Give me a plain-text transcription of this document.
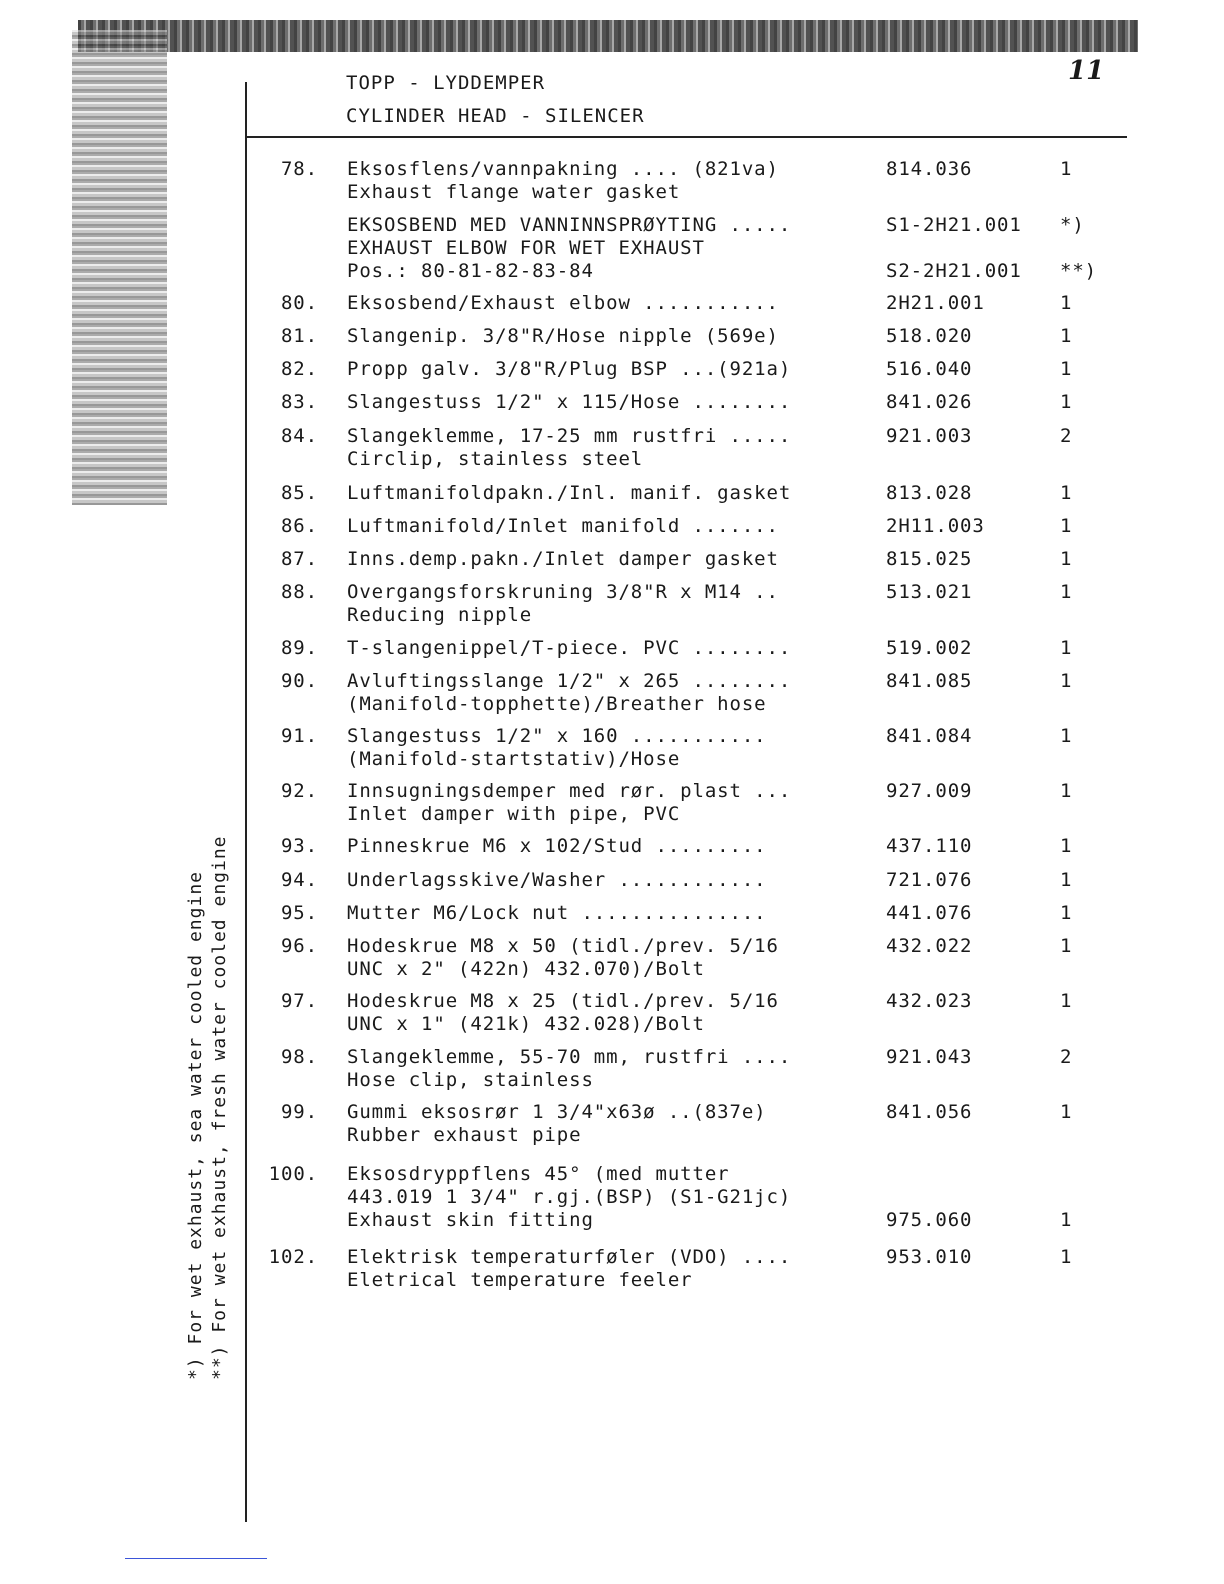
11
TOPP - LYDDEMPER
CYLINDER HEAD - SILENCER
*) For wet exhaust, sea water cooled engine **) For wet exhaust, fresh water cooled engine
78.	814.036	1
Eksosflens/vannpakning .... (821va)
Exhaust flange water gasket
S1-2H21.001 *)
S2-2H21.001 **)
EKSOSBEND MED VANNINNSPRØYTING .....
EXHAUST ELBOW FOR WET EXHAUST
Pos.: 80-81-82-83-84
80.	2H21.001	1
Eksosbend/Exhaust elbow ...........
81.	518.020	1
Slangenip. 3/8"R/Hose nipple (569e)
82.	516.040	1
Propp galv. 3/8"R/Plug BSP ...(921a)
83.	841.026	1
Slangestuss 1/2" x 115/Hose ........
84.	921.003	2
Slangeklemme, 17-25 mm rustfri .....
Circlip, stainless steel
85.	813.028	1
Luftmanifoldpakn./Inl. manif. gasket
86.	2H11.003	1
Luftmanifold/Inlet manifold .......
87.	815.025	1
Inns.demp.pakn./Inlet damper gasket
88.	513.021	1
Overgangsforskruning 3/8"R x M14 ..
Reducing nipple
89.	519.002	1
T-slangenippel/T-piece. PVC ........
90.	841.085	1
Avluftingsslange 1/2" x 265 ........
(Manifold-topphette)/Breather hose
91.	841.084	1
Slangestuss 1/2" x 160 ...........
(Manifold-startstativ)/Hose
92.	927.009	1
Innsugningsdemper med rør. plast ...
Inlet damper with pipe, PVC
93.	437.110	1
Pinneskrue M6 x 102/Stud .........
94.	721.076	1
Underlagsskive/Washer ............
95.	441.076	1
Mutter M6/Lock nut ...............
96.	432.022	1
Hodeskrue M8 x 50 (tidl./prev. 5/16
UNC x 2" (422n) 432.070)/Bolt
97.	432.023	1
Hodeskrue M8 x 25 (tidl./prev. 5/16
UNC x 1" (421k) 432.028)/Bolt
98.	921.043	2
Slangeklemme, 55-70 mm, rustfri ....
Hose clip, stainless
99.	841.056	1
Gummi eksosrør 1 3/4"x63ø ..(837e)
Rubber exhaust pipe
100.
975.060	1
Eksosdryppflens 45° (med mutter
443.019 1 3/4" r.gj.(BSP) (S1-G21jc)
Exhaust skin fitting
102.	953.010	1
Elektrisk temperaturføler (VDO) ....
Eletrical temperature feeler
